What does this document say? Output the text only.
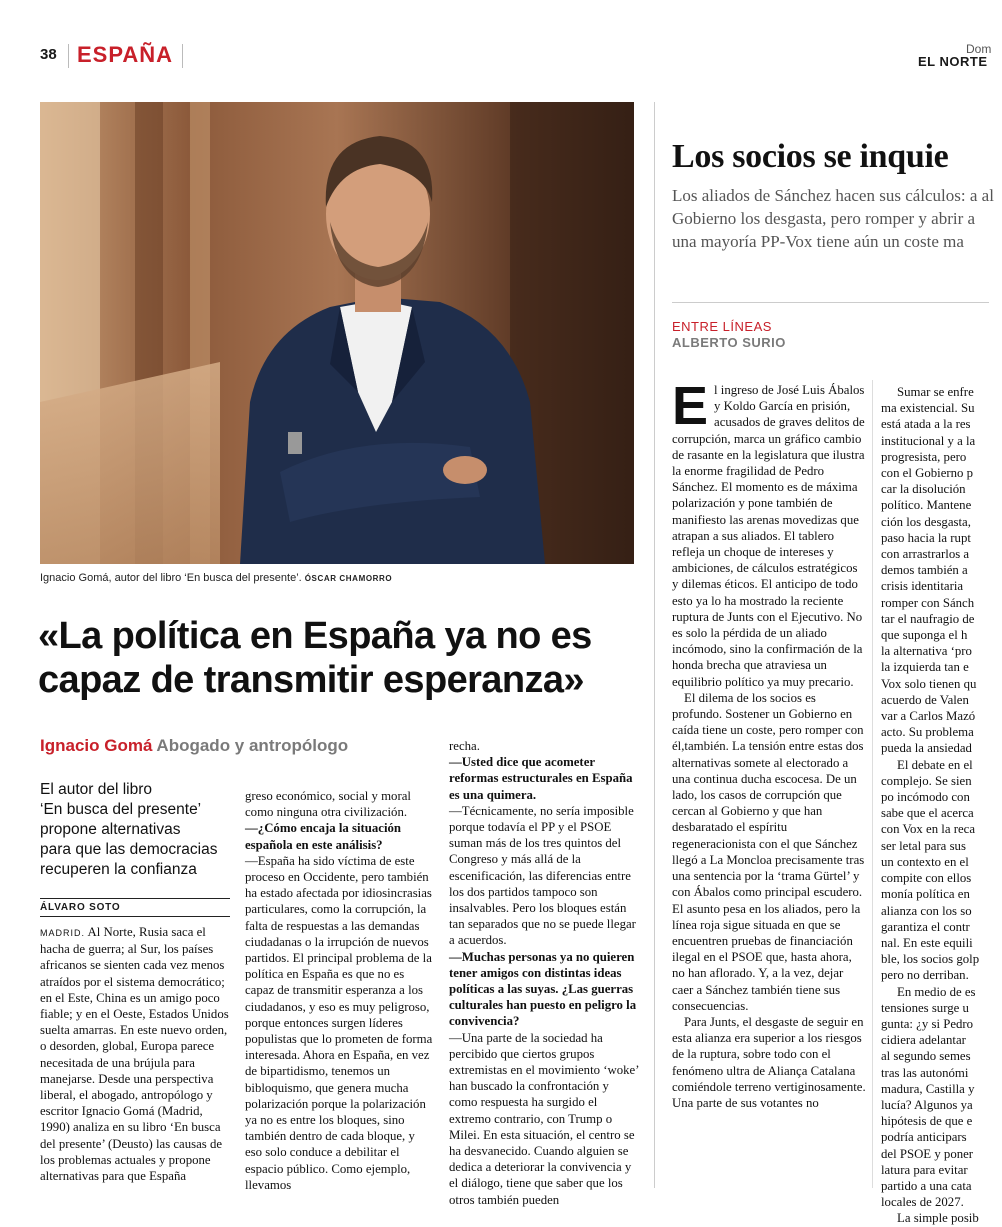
38 ESPAÑA	Dom
EL NORTE
Ignacio Gomá, autor del libro ‘En busca del presente’. ÓSCAR CHAMORRO
«La política en España ya no es capaz de transmitir esperanza»
Ignacio Gomá Abogado y antropólogo
El autor del libro
‘En busca del presente’
propone alternativas
para que las democracias
recuperen la confianza
ÁLVARO SOTO

MADRID. Al Norte, Rusia saca el hacha de guerra; al Sur, los países africanos se sienten cada vez menos atraídos por el sistema democrático; en el Este, China es un amigo poco fiable; y en el Oeste, Estados Unidos suelta amarras. En este nuevo orden, o desorden, global, Europa parece necesitada de una brújula para manejarse. Desde una perspectiva liberal, el abogado, antropólogo y escritor Ignacio Gomá (Madrid, 1990) analiza en su libro ‘En busca del presente’ (Deusto) las causas de los problemas actuales y propone alternativas para que España

greso económico, social y moral como ninguna otra civilización.

—¿Cómo encaja la situación española en este análisis?

—España ha sido víctima de este proceso en Occidente, pero también ha estado afectada por idiosincrasias particulares, como la corrupción, la falta de respuestas a las demandas ciudadanas o la irrupción de nuevos partidos. El principal problema de la política en España es que no es capaz de transmitir esperanza a los ciudadanos, y eso es muy peligroso, porque entonces surgen líderes populistas que lo prometen de forma interesada. Ahora en España, en vez de bipartidismo, tenemos un bibloquismo, que genera mucha polarización porque la polarización ya no es entre los bloques, sino también dentro de cada bloque, y eso solo conduce a debilitar el espacio público. Como ejemplo, llevamos

recha.

—Usted dice que acometer reformas estructurales en España es una quimera.

—Técnicamente, no sería imposible porque todavía el PP y el PSOE suman más de los tres quintos del Congreso y más allá de la escenificación, las diferencias entre los dos partidos tampoco son insalvables. Pero los bloques están tan separados que no se puede llegar a acuerdos.

—Muchas personas ya no quieren tener amigos con distintas ideas políticas a las suyas. ¿Las guerras culturales han puesto en peligro la convivencia?

—Una parte de la sociedad ha percibido que ciertos grupos extremistas en el movimiento ‘woke’ han buscado la confrontación y como respuesta ha surgido el extremo contrario, con Trump o Milei. En esta situación, el centro se ha desvanecido. Cuando alguien se dedica a deteriorar la convivencia y el diálogo, tiene que saber que los otros también pueden

Los socios se inquie
Los aliados de Sánchez hacen sus cálculos: a al Gobierno los desgasta, pero romper y abrir a una mayoría PP-Vox tiene aún un coste ma
ENTRE LÍNEAS
ALBERTO SURIO

El ingreso de José Luis Ábalos y Koldo García en prisión, acusados de graves delitos de corrupción, marca un gráfico cambio de rasante en la legislatura que ilustra la enorme fragilidad de Pedro Sánchez. El momento es de máxima polarización y pone también de manifiesto las arenas movedizas que atrapan a sus aliados. El tablero refleja un choque de intereses y ambiciones, de cálculos estratégicos y dilemas éticos. El anticipo de todo esto ya lo ha mostrado la reciente ruptura de Junts con el Ejecutivo. No es solo la pérdida de un aliado incómodo, sino la confirmación de la honda brecha que atraviesa un equilibrio político ya muy precario.

El dilema de los socios es profundo. Sostener un Gobierno en caída tiene un coste, pero romper con él,también. La tensión entre estas dos alternativas somete al electorado a una continua ducha escocesa. De un lado, los casos de corrupción que cercan al Gobierno y que han desbaratado el espíritu regeneracionista con el que Sánchez llegó a La Moncloa precisamente tras una sentencia por la ‘trama Gürtel’ y con Ábalos como principal escudero. El asunto pesa en los aliados, pero la línea roja sigue situada en que se encuentren pruebas de financiación ilegal en el PSOE que, hasta ahora, no han aflorado. Y, a la vez, dejar caer a Sánchez también tiene sus consecuencias.

Para Junts, el desgaste de seguir en esta alianza era superior a los riesgos de la ruptura, sobre todo con el fenómeno ultra de Aliança Catalana comiéndole terreno vertiginosamente. Una parte de sus votantes no

Sumar se enfre
ma existencial. Su
está atada a la res
institucional y a la
progresista, pero
con el Gobierno p
car la disolución
político. Mantene
ción los desgasta,
paso hacia la rupt
con arrastrarlos a
demos también a
crisis identitaria
romper con Sánch
tar el naufragio de
que suponga el h
la alternativa ‘pro
la izquierda tan e
Vox solo tienen qu
acuerdo de Valen
var a Carlos Mazó
acto. Su problema
pueda la ansiedad
El debate en el
complejo. Se sien
po incómodo con
sabe que el acerca
con Vox en la reca
ser letal para sus
un contexto en el
compite con ellos
monía política en
alianza con los so
garantiza el contr
nal. En este equili
ble, los socios golp
pero no derriban.
En medio de es
tensiones surge u
gunta: ¿y si Pedro
cidiera adelantar
al segundo semes
tras las autonómi
madura, Castilla y
lucía? Algunos ya
hipótesis de que e
podría anticipars
del PSOE y poner
latura para evitar
partido a una cata
locales de 2027.
La simple posib
